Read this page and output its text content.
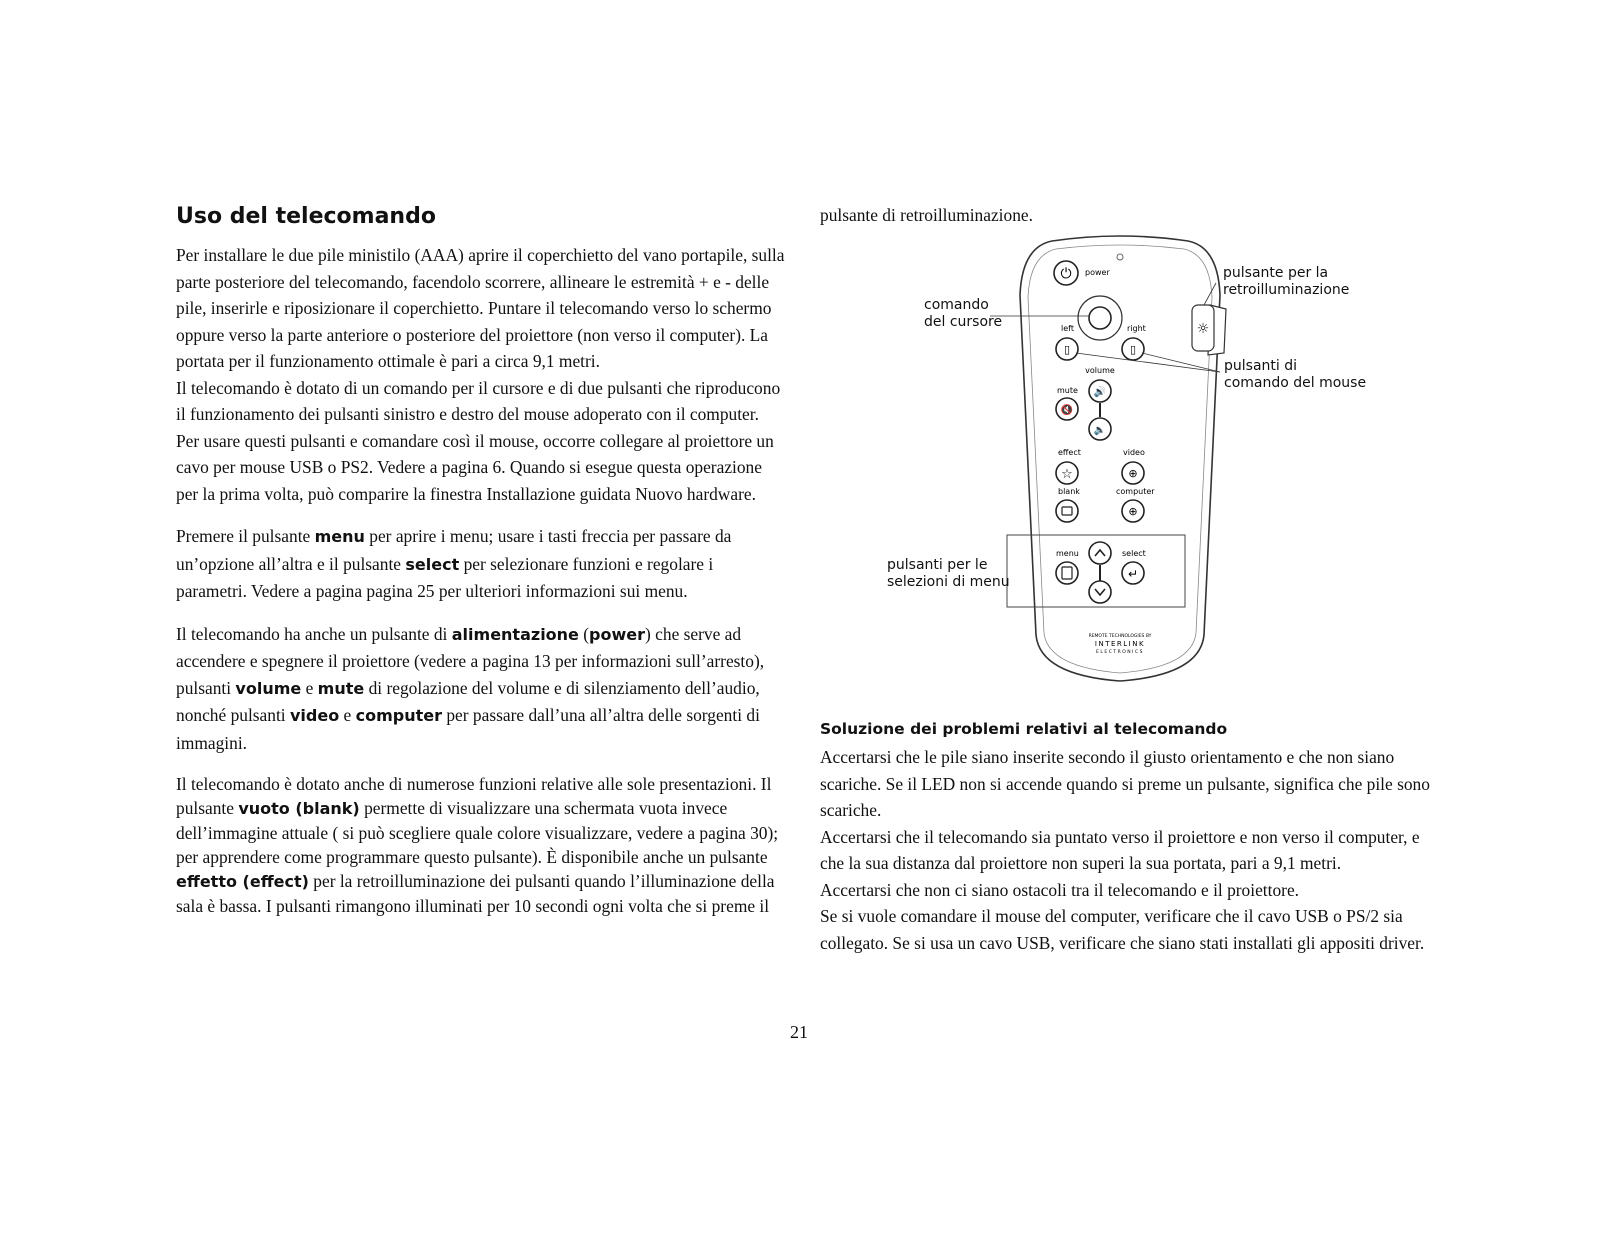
Uso del telecomando

Per installare le due pile ministilo (AAA) aprire il coperchietto del vano portapile, sulla parte posteriore del telecomando, facendolo scorrere, allineare le estremità + e - delle pile, inserirle e riposizionare il coperchietto. Puntare il telecomando verso lo schermo oppure verso la parte anteriore o posteriore del proiettore (non verso il computer). La portata per il funzionamento ottimale è pari a circa 9,1 metri.

Il telecomando è dotato di un comando per il cursore e di due pulsanti che riproducono il funzionamento dei pulsanti sinistro e destro del mouse adoperato con il computer. Per usare questi pulsanti e comandare così il mouse, occorre collegare al proiettore un cavo per mouse USB o PS2. Vedere a pagina 6. Quando si esegue questa operazione per la prima volta, può comparire la finestra Installazione guidata Nuovo hardware.

Premere il pulsante menu per aprire i menu; usare i tasti freccia per passare da un’opzione all’altra e il pulsante select per selezionare funzioni e regolare i parametri. Vedere a pagina pagina 25 per ulteriori informazioni sui menu.

Il telecomando ha anche un pulsante di alimentazione (power) che serve ad accendere e spegnere il proiettore (vedere a pagina 13 per informazioni sull’arresto), pulsanti volume e mute di regolazione del volume e di silenziamento dell’audio, nonché pulsanti video e computer per passare dall’una all’altra delle sorgenti di immagini.

Il telecomando è dotato anche di numerose funzioni relative alle sole presentazioni. Il pulsante vuoto (blank) permette di visualizzare una schermata vuota invece dell’immagine attuale ( si può scegliere quale colore visualizzare, vedere a pagina 30); per apprendere come programmare questo pulsante). È disponibile anche un pulsante effetto (effect) per la retroilluminazione dei pulsanti quando l’illuminazione della sala è bassa. I pulsanti rimangono illuminati per 10 secondi ogni volta che si preme il

pulsante di retroilluminazione.
☼
⏻ power
left	right
▯	▯
volume
🔊
🔈
mute
🔇
effect
☆
video
⊕
blank	computer
⊕
menu	select
↵
REMOTE TECHNOLOGIES BY
INTERLINK
ELECTRONICS
comando
del cursore
pulsante per la
retroilluminazione
pulsanti di
comando del mouse
pulsanti per le
selezioni di menu
Soluzione dei problemi relativi al telecomando

Accertarsi che le pile siano inserite secondo il giusto orientamento e che non siano scariche. Se il LED non si accende quando si preme un pulsante, significa che pile sono scariche.

Accertarsi che il telecomando sia puntato verso il proiettore e non verso il computer, e che la sua distanza dal proiettore non superi la sua portata, pari a 9,1 metri.

Accertarsi che non ci siano ostacoli tra il telecomando e il proiettore.

Se si vuole comandare il mouse del computer, verificare che il cavo USB o PS/2 sia collegato. Se si usa un cavo USB, verificare che siano stati installati gli appositi driver.

21
